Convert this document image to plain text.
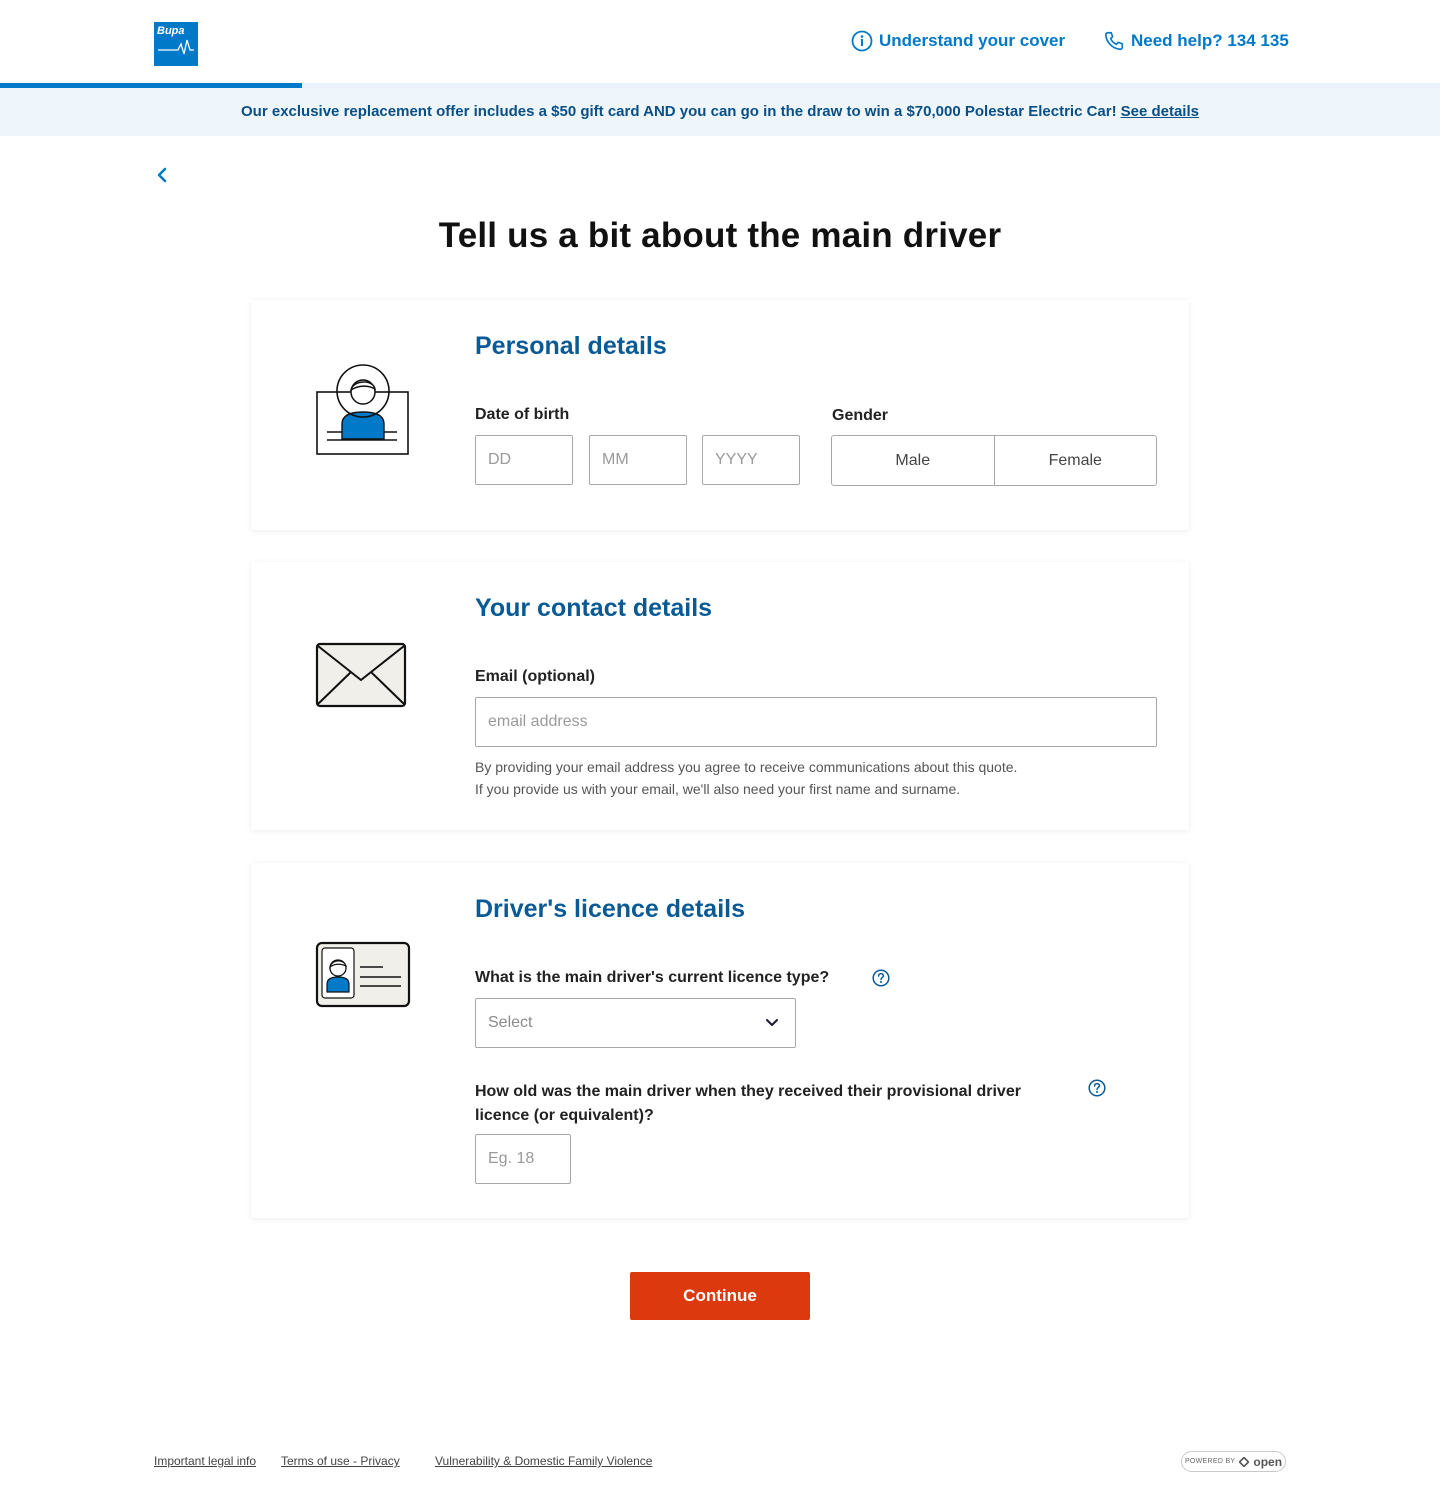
Bupa	Understand your cover	Need help? 134 135
Our exclusive replacement offer includes a $50 gift card AND you can go in the draw to win a $70,000 Polestar Electric Car! See details
Tell us a bit about the main driver
Personal details
Date of birth
DD
MM
YYYY	Gender
Male	Female
Your contact details
Email (optional)
email address
By providing your email address you agree to receive communications about this quote.
If you provide us with your email, we'll also need your first name and surname.
Driver's licence details
What is the main driver's current licence type?
Select
How old was the main driver when they received their provisional driver
licence (or equivalent)?
Eg. 18
Continue
Important legal info Terms of use - Privacy	Vulnerability & Domestic Family Violence	POWERED BY open
